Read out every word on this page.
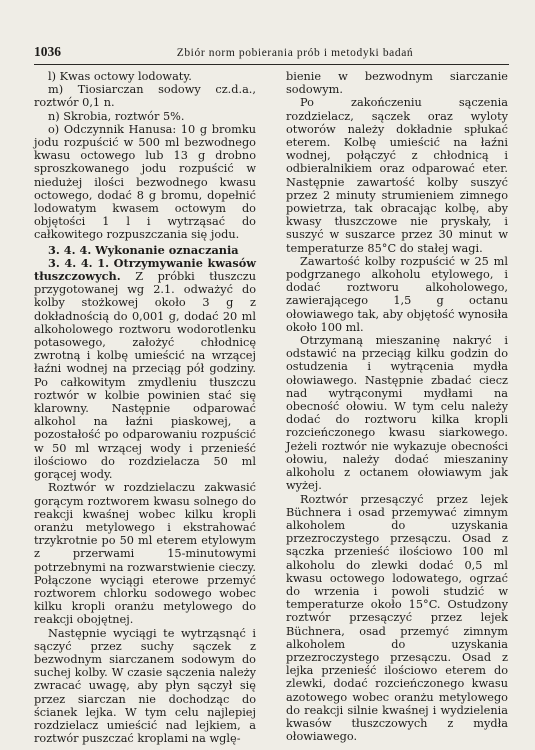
1036	Zbiór norm pobierania prób i metodyki badań

l) Kwas octowy lodowaty.

m) Tiosiarczan sodowy cz.d.a., roztwór 0,1 n.

n) Skrobia, roztwór 5%.

o) Odczynnik Hanusa: 10 g bromku jodu rozpuścić w 500 ml bezwodnego kwasu octowego lub 13 g drobno sproszkowanego jodu rozpuścić w niedużej ilości bezwodnego kwasu octowego, dodać 8 g bromu, dopełnić lodowatym kwasem octowym do objętości 1 l i wytrząsać do całkowitego rozpuszczania się jodu.

3. 4. 4. Wykonanie oznaczania

3. 4. 4. 1. Otrzymywanie kwasów tłuszczowych. Z próbki tłuszczu przygotowanej wg 2.1. odważyć do kolby stożkowej około 3 g z dokładnością do 0,001 g, dodać 20 ml alkoholowego roztworu wodorotlenku potasowego, założyć chłodnicę zwrotną i kolbę umieścić na wrzącej łaźni wodnej na przeciąg pół godziny. Po całkowitym zmydleniu tłuszczu roztwór w kolbie powinien stać się klarowny. Następnie odparować alkohol na łaźni piaskowej, a pozostałość po odparowaniu rozpuścić w 50 ml wrzącej wody i przenieść ilościowo do rozdzielacza 50 ml gorącej wody.

Roztwór w rozdzielaczu zakwasić gorącym roztworem kwasu solnego do reakcji kwaśnej wobec kilku kropli oranżu metylowego i ekstrahować trzykrotnie po 50 ml eterem etylowym z przerwami 15-minutowymi potrzebnymi na rozwarstwienie cieczy. Połączone wyciągi eterowe przemyć roztworem chlorku sodowego wobec kilku kropli oranżu metylowego do reakcji obojętnej.

Następnie wyciągi te wytrząsnąć i sączyć przez suchy sączek z bezwodnym siarczanem sodowym do suchej kolby. W czasie sączenia należy zwracać uwagę, aby płyn sączył się przez siarczan nie dochodząc do ścianek lejka. W tym celu najlepiej rozdzielacz umieścić nad lejkiem, a roztwór puszczać kroplami na wglę-

bienie w bezwodnym siarczanie sodowym.

Po zakończeniu sączenia rozdzielacz, sączek oraz wyloty otworów należy dokładnie spłukać eterem. Kolbę umieścić na łaźni wodnej, połączyć z chłodnicą i odbieralnikiem oraz odparować eter. Następnie zawartość kolby suszyć przez 2 minuty strumieniem zimnego powietrza, tak obracając kolbę, aby kwasy tłuszczowe nie pryskały, i suszyć w suszarce przez 30 minut w temperaturze 85°C do stałej wagi.

Zawartość kolby rozpuścić w 25 ml podgrzanego alkoholu etylowego, i dodać roztworu alkoholowego, zawierającego 1,5 g octanu ołowiawego tak, aby objętość wynosiła około 100 ml.

Otrzymaną mieszaninę nakryć i odstawić na przeciąg kilku godzin do ostudzenia i wytrącenia mydła ołowiawego. Następnie zbadać ciecz nad wytrąconymi mydłami na obecność ołowiu. W tym celu należy dodać do roztworu kilka kropli rozcieńczonego kwasu siarkowego. Jeżeli roztwór nie wykazuje obecności ołowiu, należy dodać mieszaniny alkoholu z octanem ołowiawym jak wyżej.

Roztwór przesączyć przez lejek Büchnera i osad przemywać zimnym alkoholem do uzyskania przezroczystego przesączu. Osad z sączka przenieść ilościowo 100 ml alkoholu do zlewki dodać 0,5 ml kwasu octowego lodowatego, ogrzać do wrzenia i powoli studzić w temperaturze około 15°C. Ostudzony roztwór przesączyć przez lejek Büchnera, osad przemyć zimnym alkoholem do uzyskania przezroczystego przesączu. Osad z lejka przenieść ilościowo eterem do zlewki, dodać rozcieńczonego kwasu azotowego wobec oranżu metylowego do reakcji silnie kwaśnej i wydzielenia kwasów tłuszczowych z mydła ołowiawego.
